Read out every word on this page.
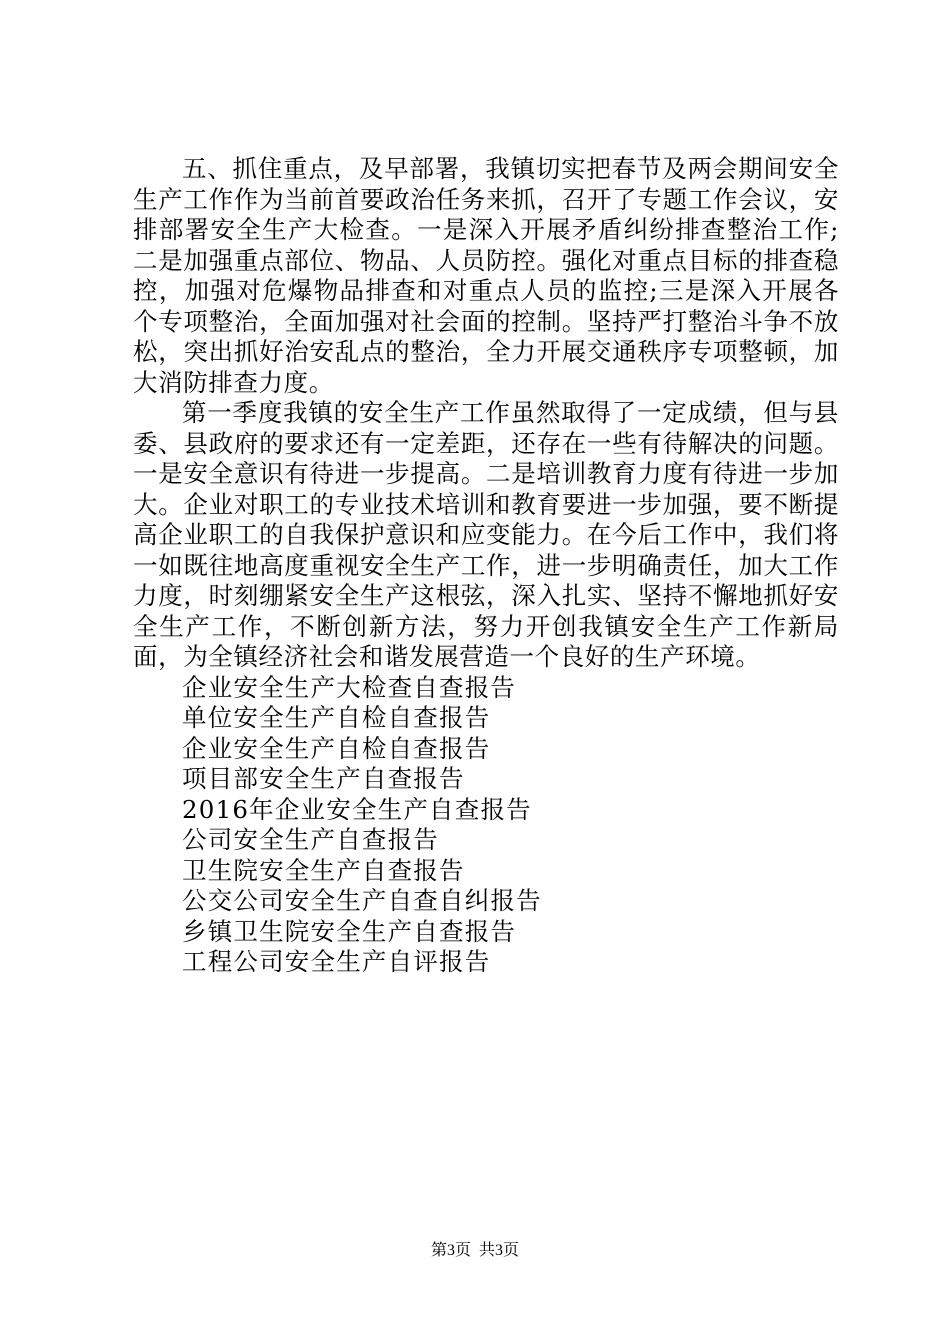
五、抓住重点，及早部署，我镇切实把春节及两会期间安全生产工作作为当前首要政治任务来抓，召开了专题工作会议，安排部署安全生产大检查。一是深入开展矛盾纠纷排查整治工作;二是加强重点部位、物品、人员防控。强化对重点目标的排查稳控，加强对危爆物品排查和对重点人员的监控;三是深入开展各个专项整治，全面加强对社会面的控制。坚持严打整治斗争不放松，突出抓好治安乱点的整治，全力开展交通秩序专项整顿，加大消防排查力度。

第一季度我镇的安全生产工作虽然取得了一定成绩，但与县委、县政府的要求还有一定差距，还存在一些有待解决的问题。一是安全意识有待进一步提高。二是培训教育力度有待进一步加大。企业对职工的专业技术培训和教育要进一步加强，要不断提高企业职工的自我保护意识和应变能力。在今后工作中，我们将一如既往地高度重视安全生产工作，进一步明确责任，加大工作力度，时刻绷紧安全生产这根弦，深入扎实、坚持不懈地抓好安全生产工作，不断创新方法，努力开创我镇安全生产工作新局面，为全镇经济社会和谐发展营造一个良好的生产环境。

企业安全生产大检查自查报告
单位安全生产自检自查报告
企业安全生产自检自查报告
项目部安全生产自查报告
2016年企业安全生产自查报告
公司安全生产自查报告
卫生院安全生产自查报告
公交公司安全生产自查自纠报告
乡镇卫生院安全生产自查报告
工程公司安全生产自评报告
第3页 共3页
